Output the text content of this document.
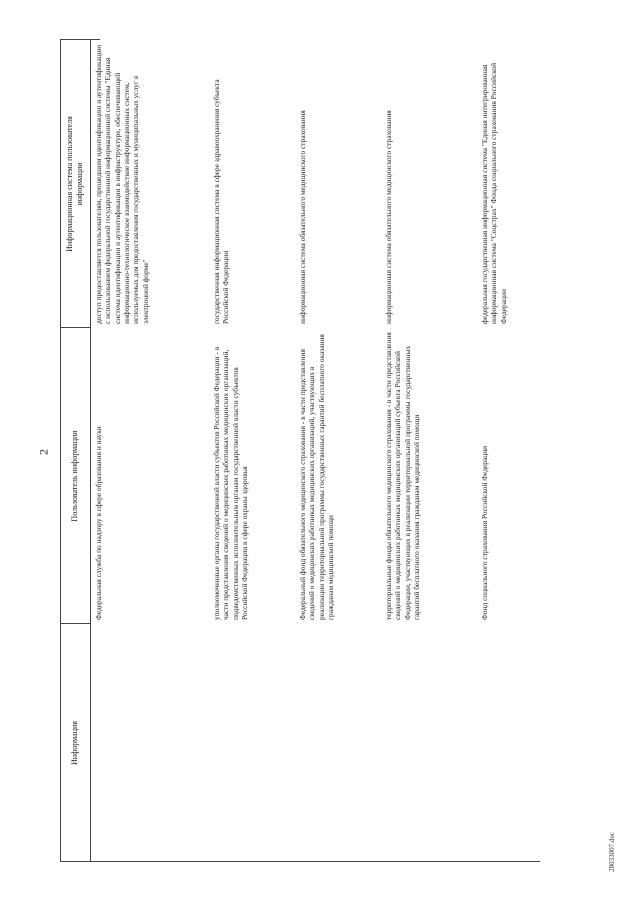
2
28033007.doc
Информация
Пользователь информации
Информационная система пользователя информации
Федеральная служба по надзору в сфере образования и науки
доступ предоставляется пользователям, прошедшим идентификацию и аутентификацию с использованием федеральной государственной информационной системы "Единая система идентификации и аутентификации в инфраструктуре, обеспечивающей информационно-технологическое взаимодействие информационных систем, используемых для предоставления государственных и муниципальных услуг в электронной форме"
уполномоченные органы государственной власти субъектов Российской Федерации - в части представления сведений о медицинских работниках медицинских организаций, подведомственных исполнительным органам государственной власти субъектов Российской Федерации в сфере охраны здоровья
государственная информационная система в сфере здравоохранения субъекта Российской Федерации
Федеральный фонд обязательного медицинского страхования - в части представления сведений о медицинских работниках медицинских организаций, участвующих в реализации территориальной программы государственных гарантий бесплатного оказания гражданам медицинской помощи
информационная система обязательного медицинского страхования
территориальные фонды обязательного медицинского страхования - в части представления сведений о медицинских работниках медицинских организаций субъекта Российской Федерации, участвующих в реализации территориальной программы государственных гарантий бесплатного оказания гражданам медицинской помощи
информационная система обязательного медицинского страхования
Фонд социального страхования Российской Федерации
федеральная государственная информационная система "Единая интегрированная информационная система "Соцстрах" Фонда социального страхования Российской Федерации
